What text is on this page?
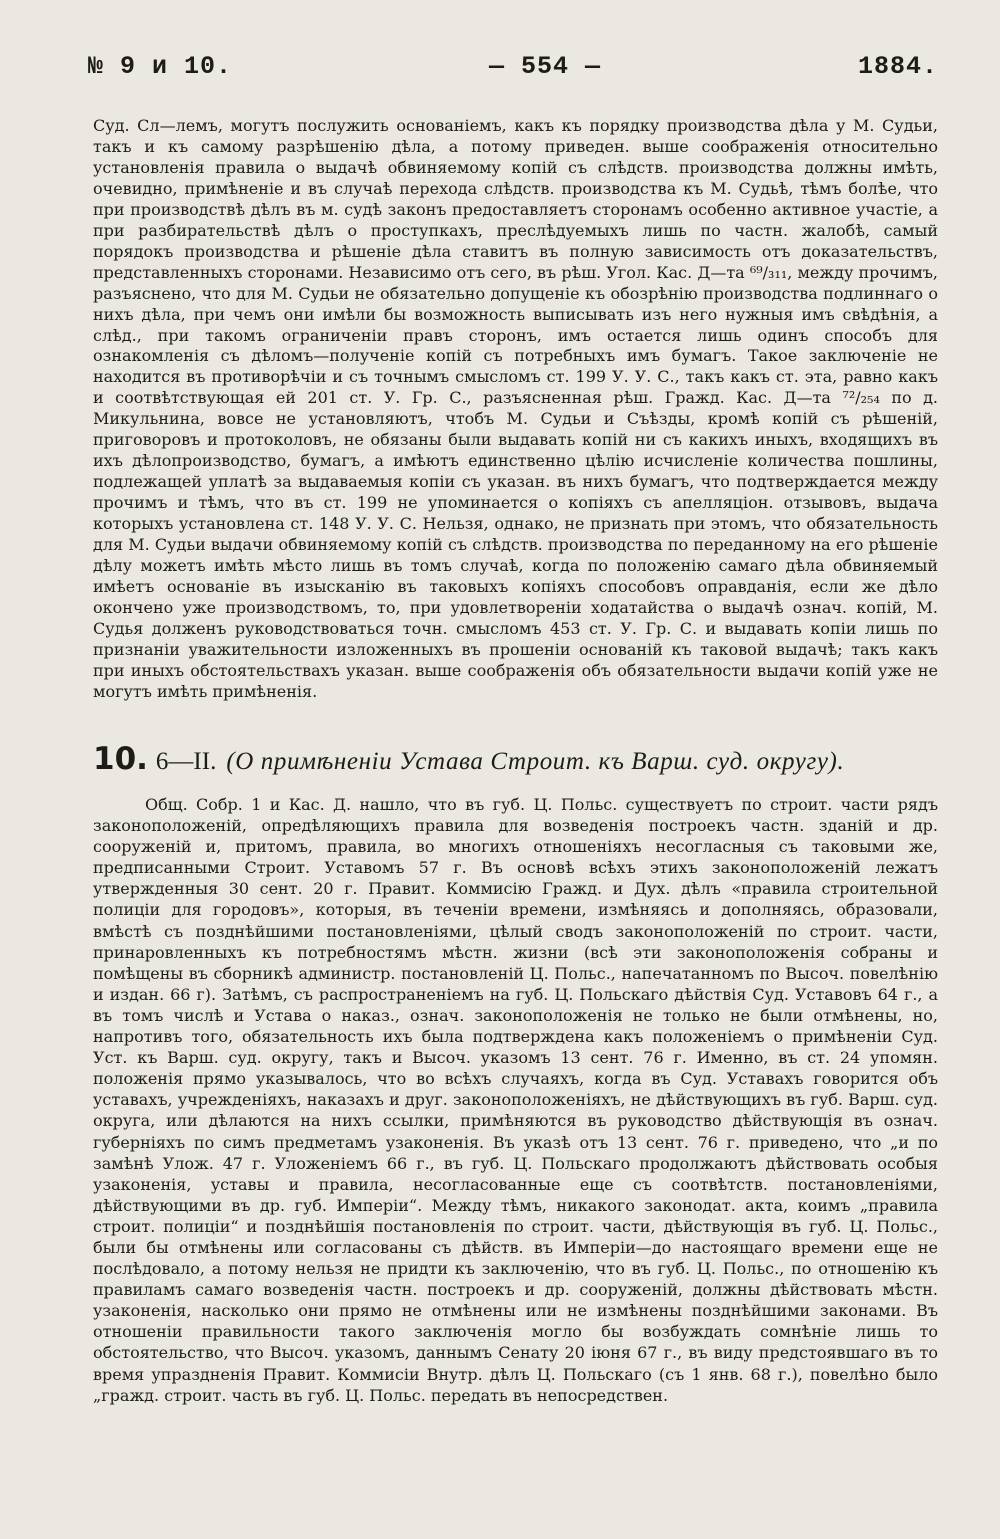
№ 9 и 10.	— 554 —	1884.

Суд. Сл—лемъ, могутъ послужить основаніемъ, какъ къ порядку производства дѣла у М. Судьи, такъ и къ самому разрѣшенію дѣла, а потому приведен. выше соображенія относительно установленія правила о выдачѣ обвиняемому копій съ слѣдств. производства должны имѣть, очевидно, примѣненіе и въ случаѣ перехода слѣдств. производства къ М. Судьѣ, тѣмъ болѣе, что при производствѣ дѣлъ въ м. судѣ законъ предоставляетъ сторонамъ особенно активное участіе, а при разбирательствѣ дѣлъ о проступкахъ, преслѣдуемыхъ лишь по частн. жалобѣ, самый порядокъ производства и рѣшеніе дѣла ставитъ въ полную зависимость отъ доказательствъ, представленныхъ сторонами. Независимо отъ сего, въ рѣш. Угол. Кас. Д—та ⁶⁹/₃₁₁, между прочимъ, разъяснено, что для М. Судьи не обязательно допущеніе къ обозрѣнію производства подлиннаго о нихъ дѣла, при чемъ они имѣли бы возможность выписывать изъ него нужныя имъ свѣдѣнія, а слѣд., при такомъ ограниченіи правъ сторонъ, имъ остается лишь одинъ способъ для ознакомленія съ дѣломъ—полученіе копій съ потребныхъ имъ бумагъ. Такое заключеніе не находится въ противорѣчіи и съ точнымъ смысломъ ст. 199 У. У. С., такъ какъ ст. эта, равно какъ и соотвѣтствующая ей 201 ст. У. Гр. С., разъясненная рѣш. Гражд. Кас. Д—та ⁷²/₂₅₄ по д. Микульнина, вовсе не установляютъ, чтобъ М. Судьи и Съѣзды, кромѣ копій съ рѣшеній, приговоровъ и протоколовъ, не обязаны были выдавать копій ни съ какихъ иныхъ, входящихъ въ ихъ дѣлопроизводство, бумагъ, а имѣютъ единственно цѣлію исчисленіе количества пошлины, подлежащей уплатѣ за выдаваемыя копіи съ указан. въ нихъ бумагъ, что подтверждается между прочимъ и тѣмъ, что въ ст. 199 не упоминается о копіяхъ съ апелляціон. отзывовъ, выдача которыхъ установлена ст. 148 У. У. С. Нельзя, однако, не признать при этомъ, что обязательность для М. Судьи выдачи обвиняемому копій съ слѣдств. производства по переданному на его рѣшеніе дѣлу можетъ имѣть мѣсто лишь въ томъ случаѣ, когда по положенію самаго дѣла обвиняемый имѣетъ основаніе въ изысканію въ таковыхъ копіяхъ способовъ оправданія, если же дѣло окончено уже производствомъ, то, при удовлетвореніи ходатайства о выдачѣ означ. копій, М. Судья долженъ руководствоваться точн. смысломъ 453 ст. У. Гр. С. и выдавать копіи лишь по признаніи уважительности изложенныхъ въ прошеніи основаній къ таковой выдачѣ; такъ какъ при иныхъ обстоятельствахъ указан. выше соображенія объ обязательности выдачи копій уже не могутъ имѣть примѣненія.

10. 6—II. (О примѣненіи Устава Строит. къ Варш. суд. округу).
Общ. Собр. 1 и Кас. Д. нашло, что въ губ. Ц. Польс. существуетъ по строит. части рядъ законоположеній, опредѣляющихъ правила для возведенія построекъ частн. зданій и др. сооруженій и, притомъ, правила, во многихъ отношеніяхъ несогласныя съ таковыми же, предписанными Строит. Уставомъ 57 г. Въ основѣ всѣхъ этихъ законоположеній лежатъ утвержденныя 30 сент. 20 г. Правит. Коммисію Гражд. и Дух. дѣлъ «правила строительной полиціи для городовъ», которыя, въ теченіи времени, измѣняясь и дополняясь, образовали, вмѣстѣ съ позднѣйшими постановленіями, цѣлый сводъ законоположеній по строит. части, принаровленныхъ къ потребностямъ мѣстн. жизни (всѣ эти законоположенія собраны и помѣщены въ сборникѣ администр. постановленій Ц. Польс., напечатанномъ по Высоч. повелѣнію и издан. 66 г). Затѣмъ, съ распространеніемъ на губ. Ц. Польскаго дѣйствія Суд. Уставовъ 64 г., а въ томъ числѣ и Устава о наказ., означ. законоположенія не только не были отмѣнены, но, напротивъ того, обязательность ихъ была подтверждена какъ положеніемъ о примѣненіи Суд. Уст. къ Варш. суд. округу, такъ и Высоч. указомъ 13 сент. 76 г. Именно, въ ст. 24 упомян. положенія прямо указывалось, что во всѣхъ случаяхъ, когда въ Суд. Уставахъ говорится объ уставахъ, учрежденіяхъ, наказахъ и друг. законоположеніяхъ, не дѣйствующихъ въ губ. Варш. суд. округа, или дѣлаются на нихъ ссылки, примѣняются въ руководство дѣйствующія въ означ. губерніяхъ по симъ предметамъ узаконенія. Въ указѣ отъ 13 сент. 76 г. приведено, что „и по замѣнѣ Улож. 47 г. Уложеніемъ 66 г., въ губ. Ц. Польскаго продолжаютъ дѣйствовать особыя узаконенія, уставы и правила, несогласованные еще съ соотвѣтств. постановленіями, дѣйствующими въ др. губ. Имперіи“. Между тѣмъ, никакого законодат. акта, коимъ „правила строит. полиціи“ и позднѣйшія постановленія по строит. части, дѣйствующія въ губ. Ц. Польс., были бы отмѣнены или согласованы съ дѣйств. въ Имперіи—до настоящаго времени еще не послѣдовало, а потому нельзя не придти къ заключенію, что въ губ. Ц. Польс., по отношенію къ правиламъ самаго возведенія частн. построекъ и др. сооруженій, должны дѣйствовать мѣстн. узаконенія, насколько они прямо не отмѣнены или не измѣнены позднѣйшими законами. Въ отношеніи правильности такого заключенія могло бы возбуждать сомнѣніе лишь то обстоятельство, что Высоч. указомъ, даннымъ Сенату 20 іюня 67 г., въ виду предстоявшаго въ то время упраздненія Правит. Коммисіи Внутр. дѣлъ Ц. Польскаго (съ 1 янв. 68 г.), повелѣно было „гражд. строит. часть въ губ. Ц. Польс. передать въ непосредствен.
